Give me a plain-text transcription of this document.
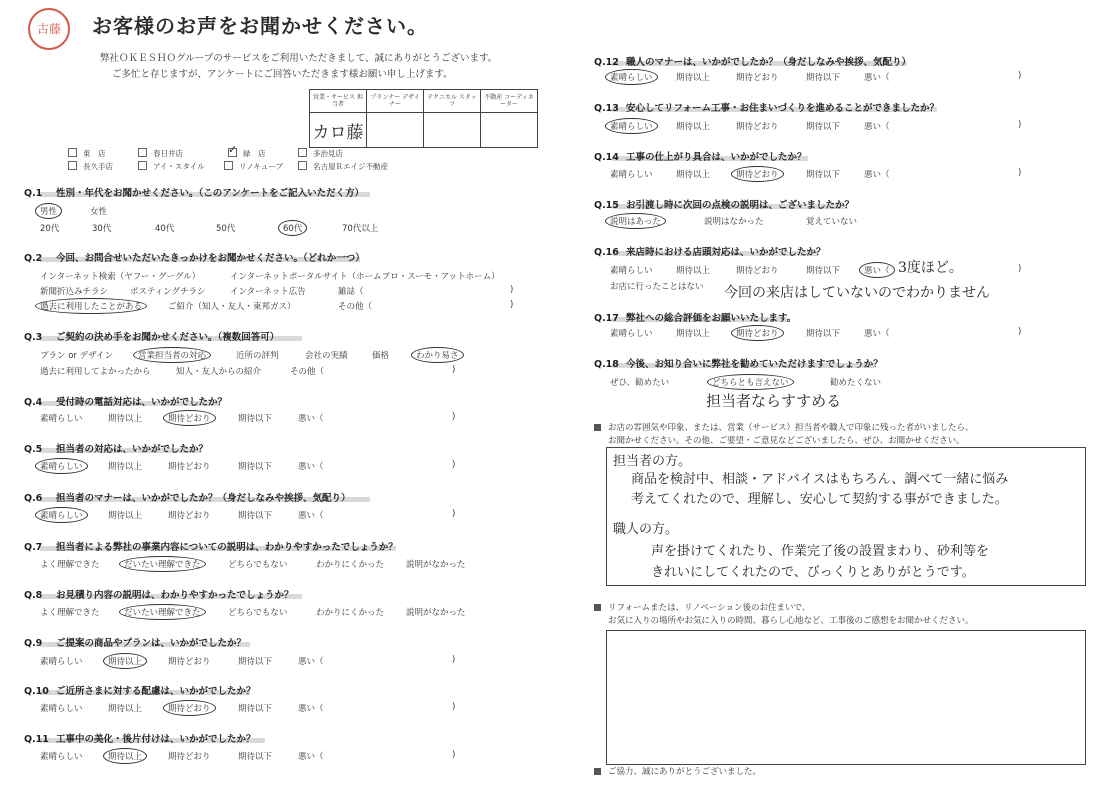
古藤 お客様のお声をお聞かせください。
弊社ＯＫＥＳＨＯグループのサービスをご利用いただきまして、誠にありがとうございます。
ご多忙と存じますが、アンケートにご回答いただきます様お願い申し上げます。
営業・サービス 担当者	プランナー デザイナー	テクニカル スタッフ	不動産 コーディネーター
カロ藤			
東　店	春日井店 ✓	緑　店	多治見店
長久手店	アイ・スタイル	リノキューブ	名古屋Ｒエイジ不動産
Q.1 性別・年代をお聞かせください。（このアンケートをご記入いただく方）
男性	女性
20代	30代	40代	50代	60代	70代以上
Q.2 今回、お問合せいただいたきっかけをお聞かせください。（どれか一つ）
インターネット検索（ヤフー・グーグル）	インターネットポータルサイト（ホームプロ・スーモ・アットホーム）
新聞折込みチラシ	ポスティングチラシ	インターネット広告	雑誌（	)
過去に利用したことがある	ご紹介（知人・友人・東邦ガス）	その他（	)
Q.3 ご契約の決め手をお聞かせください。（複数回答可）
プラン or デザイン	営業担当者の対応	近所の評判	会社の実績	価格	わかり易さ
過去に利用してよかったから	知人・友人からの紹介	その他（	)
Q.4 受付時の電話対応は、いかがでしたか？
素晴らしい	期待以上	期待どおり	期待以下	悪い（	)
Q.5 担当者の対応は、いかがでしたか？
素晴らしい	期待以上	期待どおり	期待以下	悪い（	)
Q.6 担当者のマナーは、いかがでしたか？（身だしなみや挨拶、気配り）
素晴らしい	期待以上	期待どおり	期待以下	悪い（	)
Q.7 担当者による弊社の事業内容についての説明は、わかりやすかったでしょうか？
よく理解できた	だいたい理解できた	どちらでもない	わかりにくかった	説明がなかった
Q.8 お見積り内容の説明は、わかりやすかったでしょうか？
よく理解できた	だいたい理解できた	どちらでもない	わかりにくかった	説明がなかった
Q.9 ご提案の商品やプランは、いかがでしたか？
素晴らしい	期待以上	期待どおり	期待以下	悪い（	)
Q.10 ご近所さまに対する配慮は、いかがでしたか？
素晴らしい	期待以上	期待どおり	期待以下	悪い（	)
Q.11 工事中の美化・後片付けは、いかがでしたか？
素晴らしい	期待以上	期待どおり	期待以下	悪い（	)
Q.12 職人のマナーは、いかがでしたか？（身だしなみや挨拶、気配り）
素晴らしい	期待以上	期待どおり	期待以下	悪い（	)
Q.13 安心してリフォーム工事・お住まいづくりを進めることができましたか？
素晴らしい	期待以上	期待どおり	期待以下	悪い（	)
Q.14 工事の仕上がり具合は、いかがでしたか？
素晴らしい	期待以上	期待どおり	期待以下	悪い（	)
Q.15 お引渡し時に次回の点検の説明は、ございましたか？
説明はあった	説明はなかった	覚えていない
Q.16 来店時における店頭対応は、いかがでしたか？
素晴らしい	期待以上	期待どおり	期待以下	悪い（ 3度ほど。	)
お店に行ったことはない 今回の来店はしていないのでわかりません
Q.17 弊社への総合評価をお願いいたします。
素晴らしい	期待以上	期待どおり	期待以下	悪い（	)
Q.18 今後、お知り合いに弊社を勧めていただけますでしょうか？
ぜひ、勧めたい	どちらとも言えない	勧めたくない
担当者ならすすめる
お店の雰囲気や印象、または、営業（サービス）担当者や職人で印象に残った者がいましたら、
お聞かせください。その他、ご要望・ご意見などございましたら、ぜひ、お聞かせください。
担当者の方。
商品を検討中、相談・アドバイスはもちろん、調べて一緒に悩み
考えてくれたので、理解し、安心して契約する事ができました。
職人の方。
声を掛けてくれたり、作業完了後の設置まわり、砂利等を
きれいにしてくれたので、びっくりとありがとうです。
リフォームまたは、リノベーション後のお住まいで、
お気に入りの場所やお気に入りの時間、暮らし心地など、工事後のご感想をお聞かせください。
ご協力、誠にありがとうございました。
